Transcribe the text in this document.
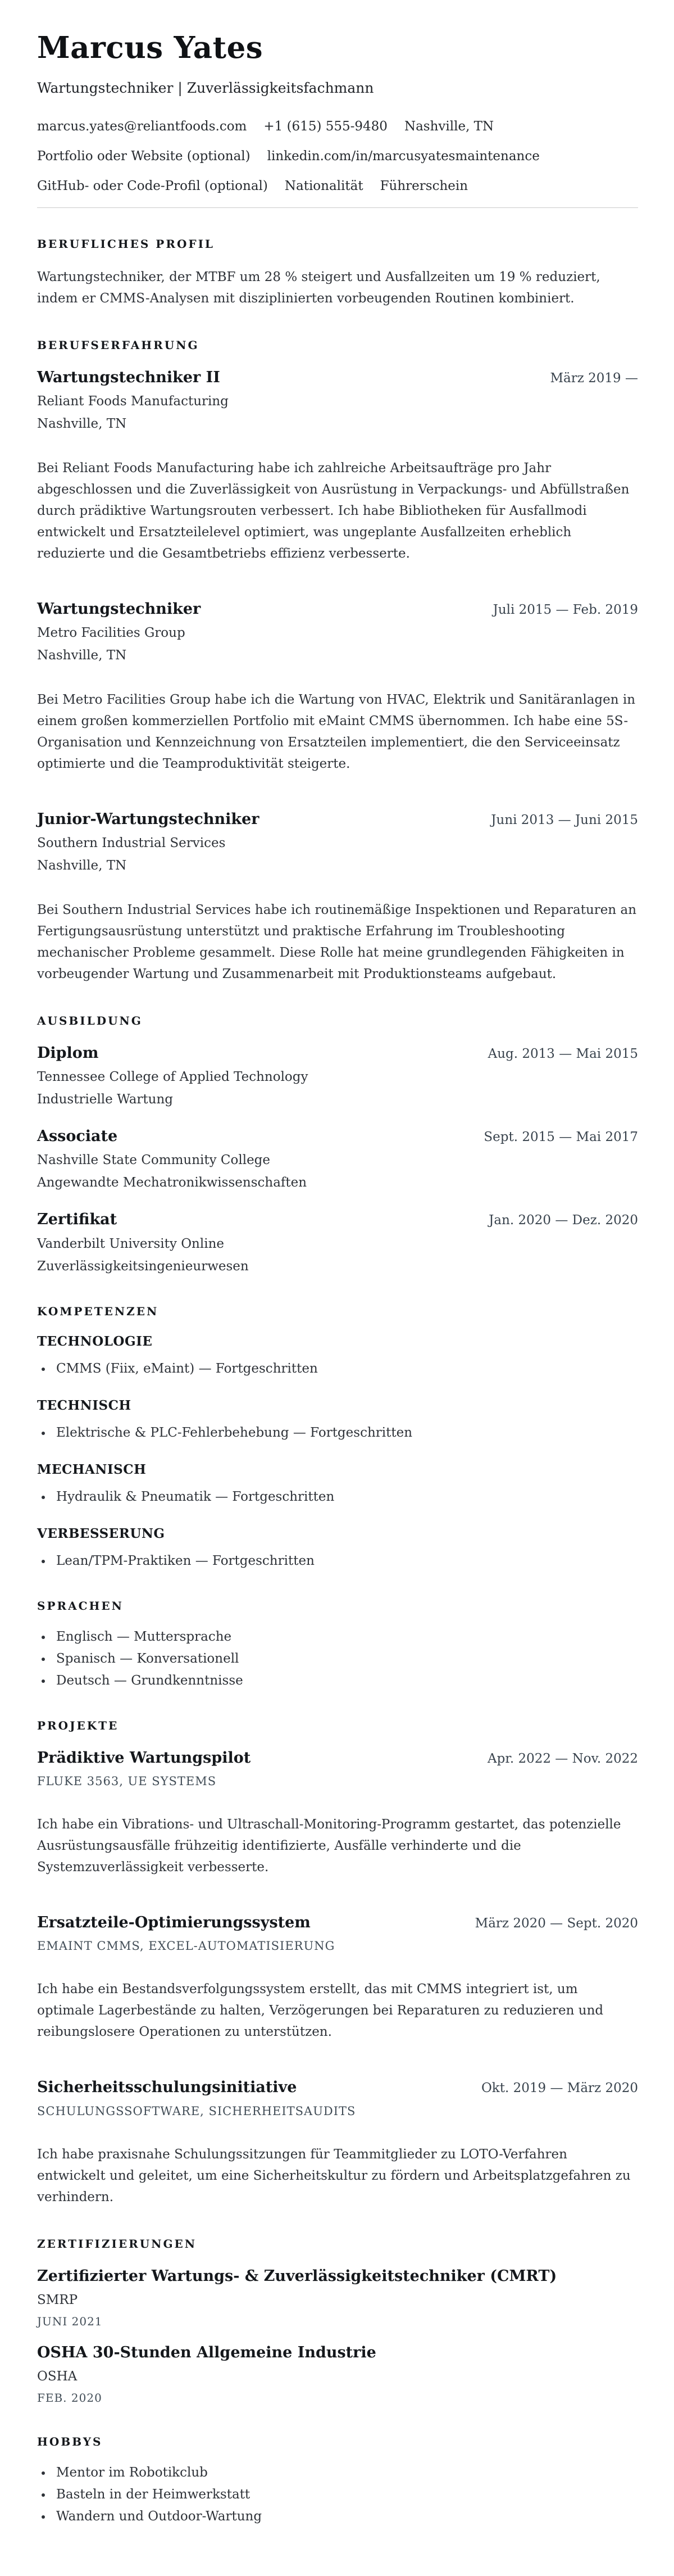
Marcus Yates
Wartungstechniker | Zuverlässigkeitsfachmann
marcus.yates@reliantfoods.com +1 (615) 555-9480 Nashville, TN
Portfolio oder Website (optional) linkedin.com/in/marcusyatesmaintenance
GitHub- oder Code-Profil (optional) Nationalität Führerschein
BERUFLICHES PROFIL

Wartungstechniker, der MTBF um 28 % steigert und Ausfallzeiten um 19 % reduziert, indem er CMMS-Analysen mit disziplinierten vorbeugenden Routinen kombiniert.

BERUFSERFAHRUNG
Wartungstechniker II	März 2019 —
Reliant Foods Manufacturing
Nashville, TN

Bei Reliant Foods Manufacturing habe ich zahlreiche Arbeitsaufträge pro Jahr abgeschlossen und die Zuverlässigkeit von Ausrüstung in Verpackungs- und Abfüllstraßen durch prädiktive Wartungsrouten verbessert. Ich habe Bibliotheken für Ausfallmodi entwickelt und Ersatzteilelevel optimiert, was ungeplante Ausfallzeiten erheblich reduzierte und die Gesamtbetriebs effizienz verbesserte.

Wartungstechniker	Juli 2015 — Feb. 2019
Metro Facilities Group
Nashville, TN

Bei Metro Facilities Group habe ich die Wartung von HVAC, Elektrik und Sanitäranlagen in einem großen kommerziellen Portfolio mit eMaint CMMS übernommen. Ich habe eine 5S-Organisation und Kennzeichnung von Ersatzteilen implementiert, die den Serviceeinsatz optimierte und die Teamproduktivität steigerte.

Junior-Wartungstechniker	Juni 2013 — Juni 2015
Southern Industrial Services
Nashville, TN

Bei Southern Industrial Services habe ich routinemäßige Inspektionen und Reparaturen an Fertigungsausrüstung unterstützt und praktische Erfahrung im Troubleshooting mechanischer Probleme gesammelt. Diese Rolle hat meine grundlegenden Fähigkeiten in vorbeugender Wartung und Zusammenarbeit mit Produktionsteams aufgebaut.

AUSBILDUNG
Diplom	Aug. 2013 — Mai 2015
Tennessee College of Applied Technology
Industrielle Wartung
Associate	Sept. 2015 — Mai 2017
Nashville State Community College
Angewandte Mechatronikwissenschaften
Zertifikat	Jan. 2020 — Dez. 2020
Vanderbilt University Online
Zuverlässigkeitsingenieurwesen
KOMPETENZEN
TECHNOLOGIE
CMMS (Fiix, eMaint) — Fortgeschritten
TECHNISCH
Elektrische & PLC-Fehlerbehebung — Fortgeschritten
MECHANISCH
Hydraulik & Pneumatik — Fortgeschritten
VERBESSERUNG
Lean/TPM-Praktiken — Fortgeschritten
SPRACHEN
Englisch — Muttersprache
Spanisch — Konversationell
Deutsch — Grundkenntnisse
PROJEKTE
Prädiktive Wartungspilot	Apr. 2022 — Nov. 2022
FLUKE 3563, UE SYSTEMS

Ich habe ein Vibrations- und Ultraschall-Monitoring-Programm gestartet, das potenzielle Ausrüstungsausfälle frühzeitig identifizierte, Ausfälle verhinderte und die Systemzuverlässigkeit verbesserte.

Ersatzteile-Optimierungssystem	März 2020 — Sept. 2020
EMAINT CMMS, EXCEL-AUTOMATISIERUNG

Ich habe ein Bestandsverfolgungssystem erstellt, das mit CMMS integriert ist, um optimale Lagerbestände zu halten, Verzögerungen bei Reparaturen zu reduzieren und reibungslosere Operationen zu unterstützen.

Sicherheitsschulungsinitiative	Okt. 2019 — März 2020
SCHULUNGSSOFTWARE, SICHERHEITSAUDITS

Ich habe praxisnahe Schulungssitzungen für Teammitglieder zu LOTO-Verfahren entwickelt und geleitet, um eine Sicherheitskultur zu fördern und Arbeitsplatzgefahren zu verhindern.

ZERTIFIZIERUNGEN
Zertifizierter Wartungs- & Zuverlässigkeitstechniker (CMRT)
SMRP
JUNI 2021
OSHA 30-Stunden Allgemeine Industrie
OSHA
FEB. 2020
HOBBYS
Mentor im Robotikclub
Basteln in der Heimwerkstatt
Wandern und Outdoor-Wartung
